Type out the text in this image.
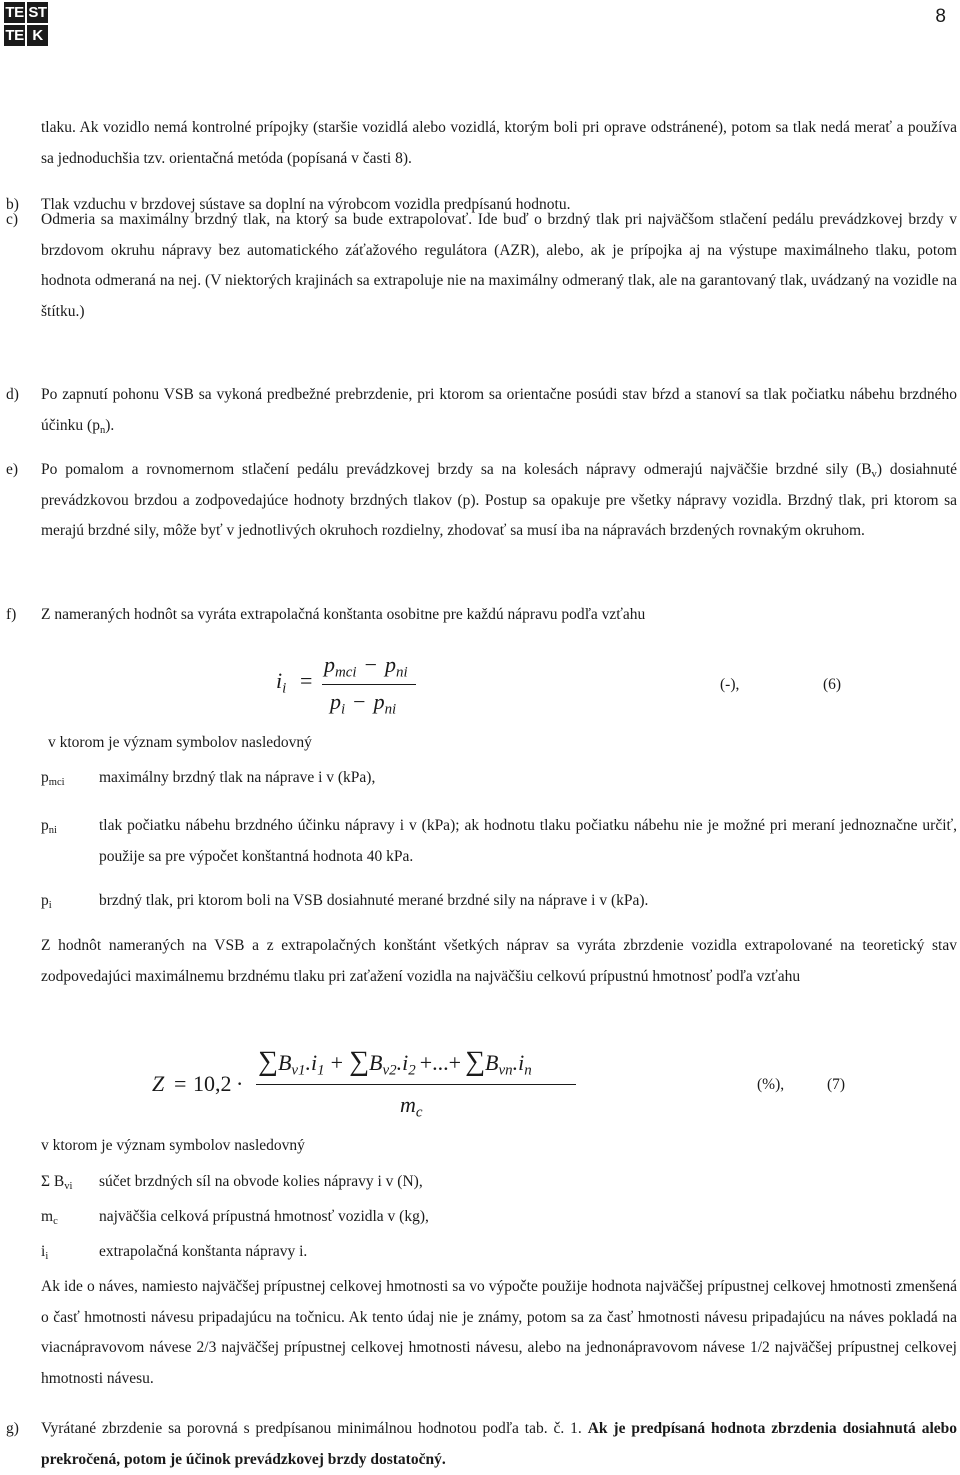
TE ST
TE K
8

tlaku. Ak vozidlo nemá kontrolné prípojky (staršie vozidlá alebo vozidlá, ktorým boli pri oprave odstránené), potom sa tlak nedá merať a používa sa jednoduchšia tzv. orientačná metóda (popísaná v časti 8).

b) Tlak vzduchu v brzdovej sústave sa doplní na výrobcom vozidla predpísanú hodnotu.

c) Odmeria sa maximálny brzdný tlak, na ktorý sa bude extrapolovať. Ide buď o brzdný tlak pri najväčšom stlačení pedálu prevádzkovej brzdy v brzdovom okruhu nápravy bez automatického záťažového regulátora (AZR), alebo, ak je prípojka aj na výstupe maximálneho tlaku, potom hodnota odmeraná na nej. (V niektorých krajinách sa extrapoluje nie na maximálny odmeraný tlak, ale na garantovaný tlak, uvádzaný na vozidle na štítku.)

d) Po zapnutí pohonu VSB sa vykoná predbežné prebrzdenie, pri ktorom sa orientačne posúdi stav bŕzd a stanoví sa tlak počiatku nábehu brzdného účinku $(p_n)$.

e) Po pomalom a rovnomernom stlačení pedálu prevádzkovej brzdy sa na kolesách nápravy odmerajú najväčšie brzdné sily $(B_v)$ dosiahnuté prevádzkovou brzdou a zodpovedajúce hodnoty brzdných tlakov (p). Postup sa opakuje pre všetky nápravy vozidla. Brzdný tlak, pri ktorom sa merajú brzdné sily, môže byť v jednotlivých okruhoch rozdielny, zhodovať sa musí iba na nápravách brzdených rovnakým okruhom.

f) Z nameraných hodnôt sa vyráta extrapolačná konštanta osobitne pre každú nápravu podľa vzťahu

$i_i$ =
$p_{mci} - p_{ni}$
$p_i - p_{ni}$
(-),	(6)
v ktorom je význam symbolov nasledovný
$p_{mci}$ maximálny brzdný tlak na náprave i v (kPa),

$p_{ni}$	tlak počiatku nábehu brzdného účinku nápravy i v (kPa); ak hodnotu tlaku počiatku nábehu nie je možné pri meraní jednoznačne určiť, použije sa pre výpočet konštantná hodnota 40 kPa.

$p_i$	brzdný tlak, pri ktorom boli na VSB dosiahnuté merané brzdné sily na náprave i v (kPa).

Z hodnôt nameraných na VSB a z extrapolačných konštánt všetkých náprav sa vyráta zbrzdenie vozidla extrapolované na teoretický stav zodpovedajúci maximálnemu brzdnému tlaku pri zaťažení vozidla na najväčšiu celkovú prípustnú hmotnosť podľa vzťahu

Z = 10,2 ·
$\sum B_{v1}.i_1 + \sum B_{v2}.i_2$ +...+ $\sum B_{vn}.i_n$
$m_c$
(%),	(7)
v ktorom je význam symbolov nasledovný
Σ $B_{vi}$ súčet brzdných síl na obvode kolies nápravy i v (N),

$m_c$	najväčšia celková prípustná hmotnosť vozidla v (kg),

$i_i$	extrapolačná konštanta nápravy i.

Ak ide o náves, namiesto najväčšej prípustnej celkovej hmotnosti sa vo výpočte použije hodnota najväčšej prípustnej celkovej hmotnosti zmenšená o časť hmotnosti návesu pripadajúcu na točnicu. Ak tento údaj nie je známy, potom sa za časť hmotnosti návesu pripadajúcu na náves pokladá na viacnápravovom návese 2/3 najväčšej prípustnej celkovej hmotnosti návesu, alebo na jednonápravovom návese 1/2 najväčšej prípustnej celkovej hmotnosti návesu.

g) Vyrátané zbrzdenie sa porovná s predpísanou minimálnou hodnotou podľa tab. č. 1. Ak je predpísaná hodnota zbrzdenia dosiahnutá alebo prekročená, potom je účinok prevádzkovej brzdy dostatočný.
